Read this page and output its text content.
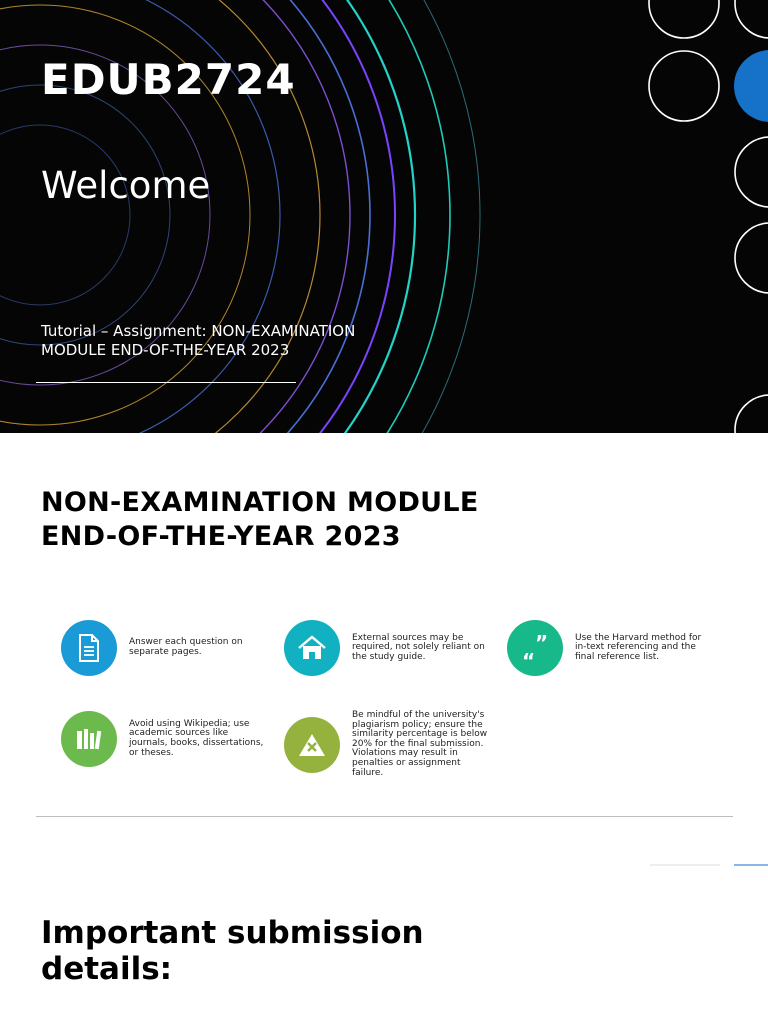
EDUB2724
Welcome
Tutorial – Assignment: NON-EXAMINATION MODULE END-OF-THE-YEAR 2023
NON-EXAMINATION MODULE END-OF-THE-YEAR 2023
Answer each question on separate pages.
External sources may be required, not solely reliant on the study guide.
”
“
Use the Harvard method for in-text referencing and the final reference list.
Avoid using Wikipedia; use academic sources like journals, books, dissertations, or theses.
Be mindful of the university's plagiarism policy; ensure the similarity percentage is below 20% for the final submission. Violations may result in penalties or assignment failure.
Important submission details:
